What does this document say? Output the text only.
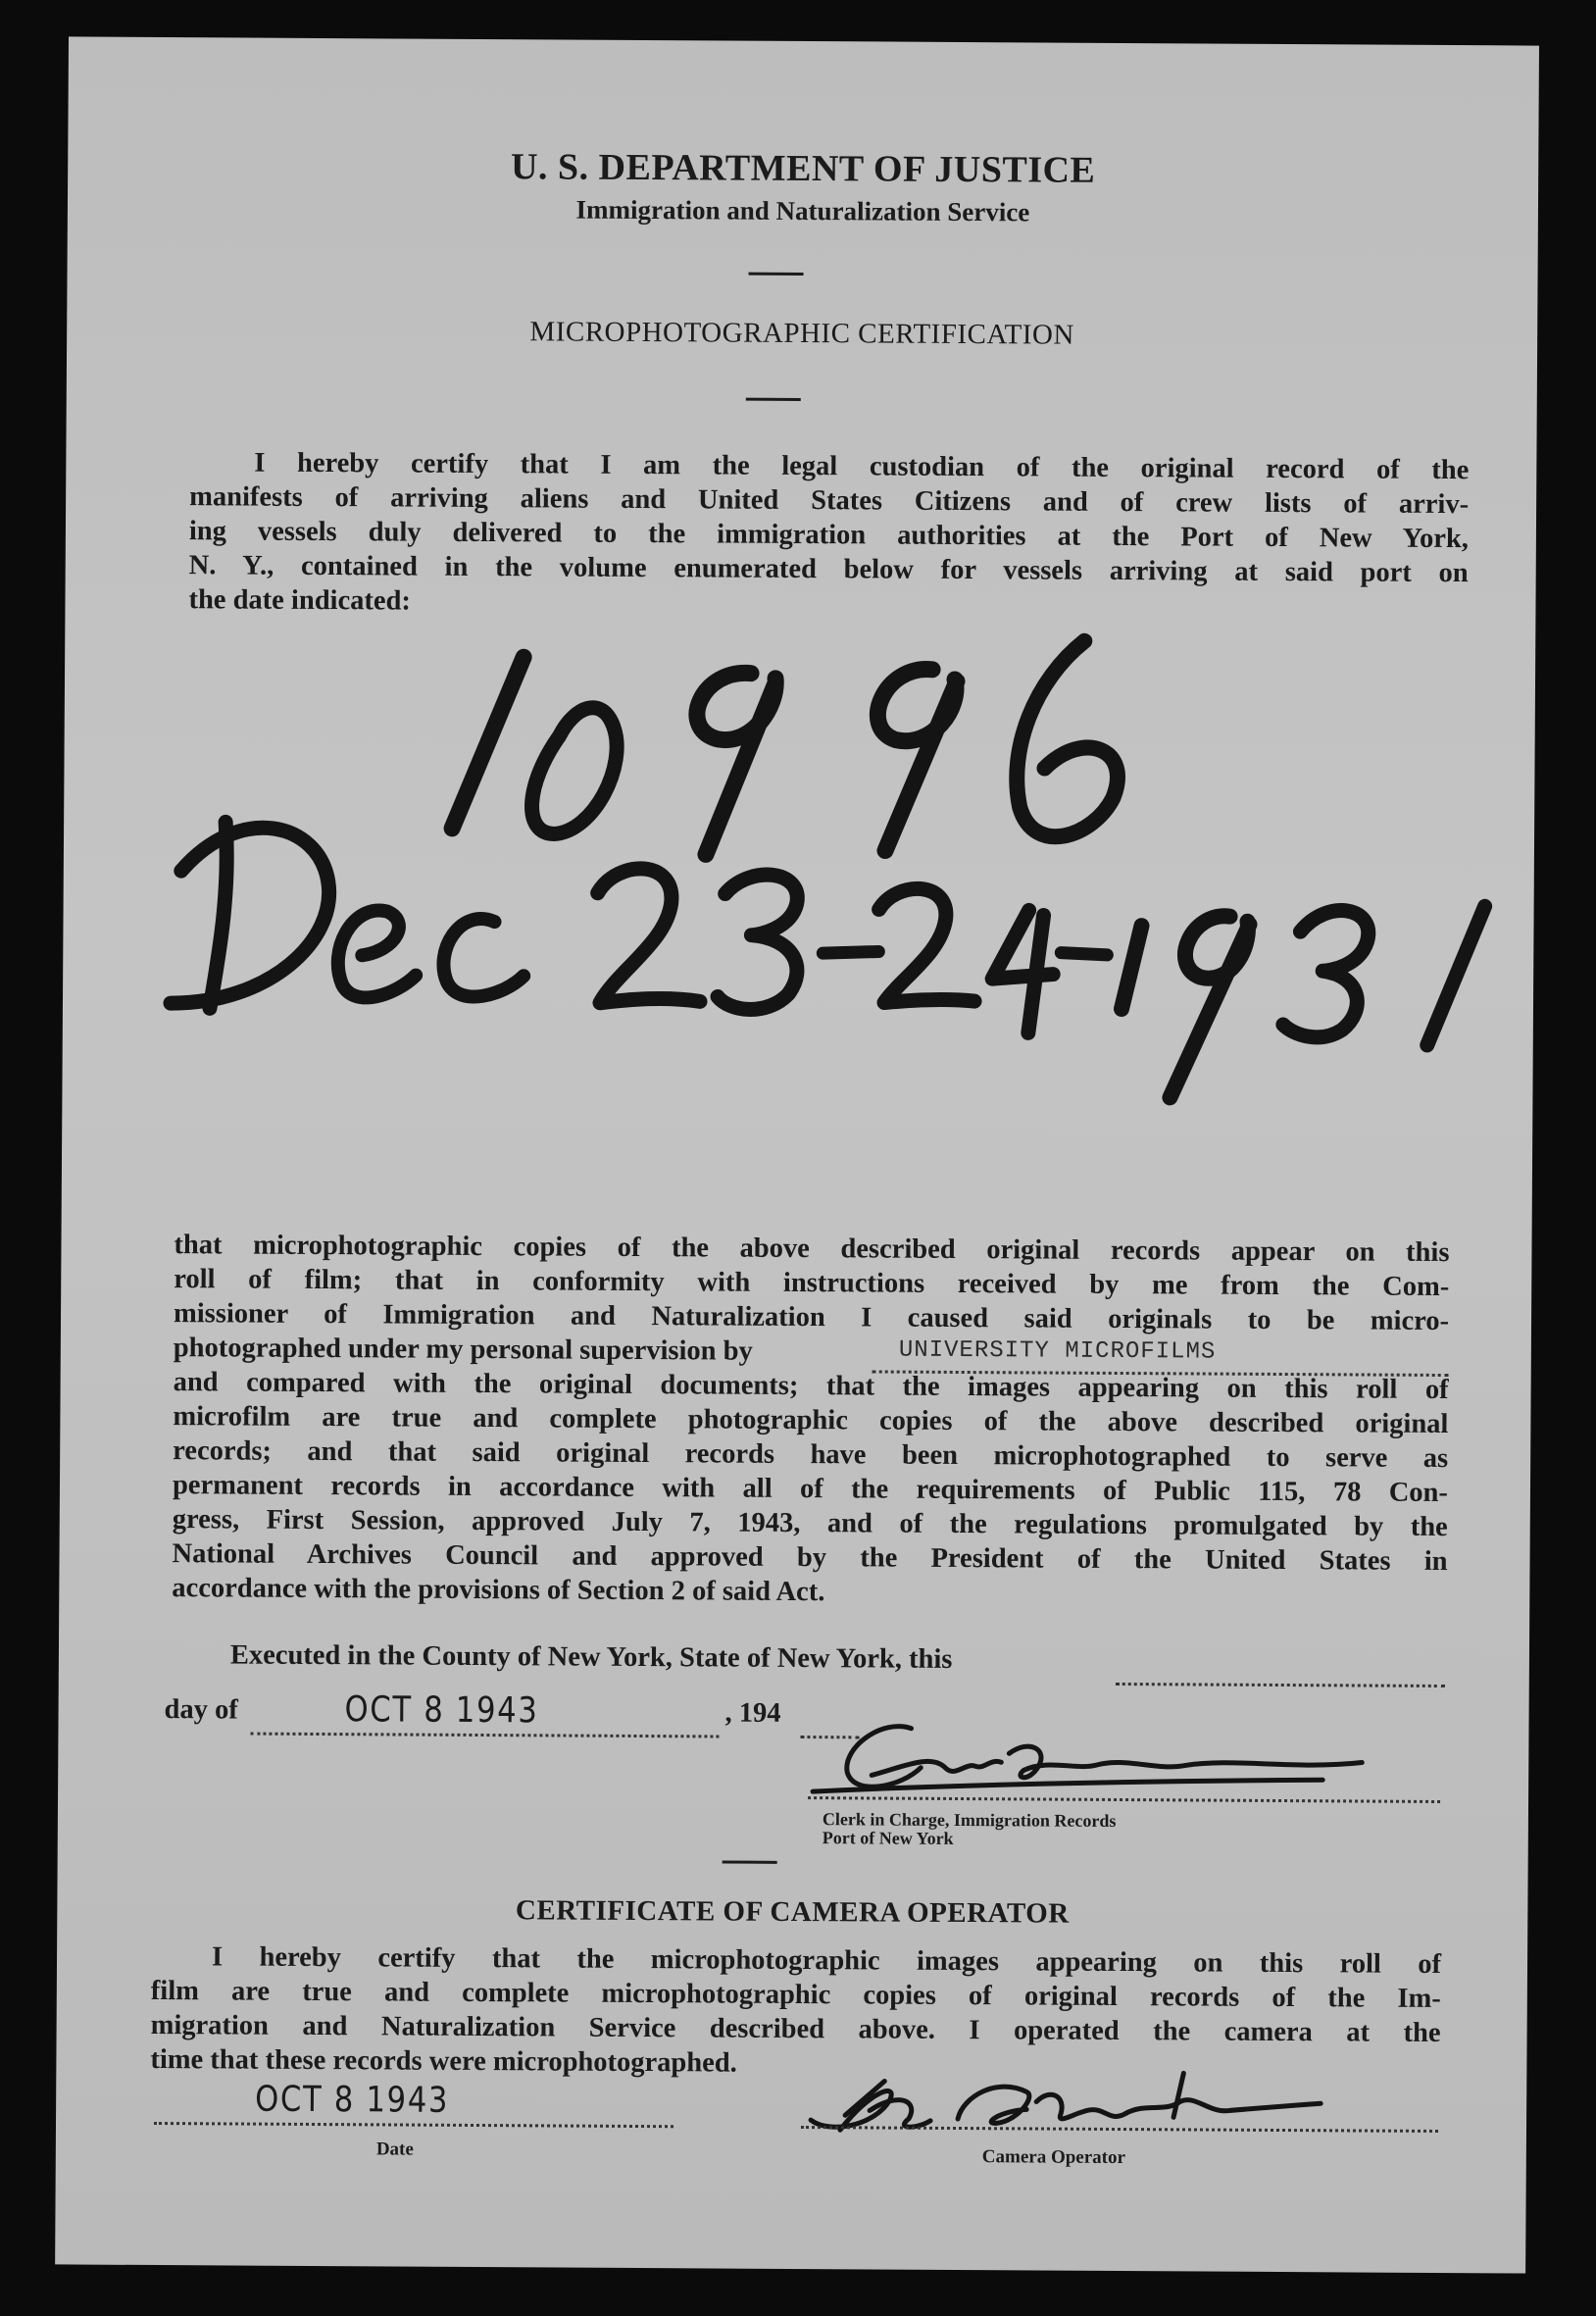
U. S. DEPARTMENT OF JUSTICE
Immigration and Naturalization Service
MICROPHOTOGRAPHIC CERTIFICATION
I hereby certify that I am the legal custodian of the original record of the
manifests of arriving aliens and United States Citizens and of crew lists of arriv-
ing vessels duly delivered to the immigration authorities at the Port of New York,
N. Y., contained in the volume enumerated below for vessels arriving at said port on
the date indicated:
that microphotographic copies of the above described original records appear on this
roll of film; that in conformity with instructions received by me from the Com-
missioner of Immigration and Naturalization I caused said originals to be micro-
photographed under my personal supervision by
and compared with the original documents; that the images appearing on this roll of
microfilm are true and complete photographic copies of the above described original
records; and that said original records have been microphotographed to serve as
permanent records in accordance with all of the requirements of Public 115, 78 Con-
gress, First Session, approved July 7, 1943, and of the regulations promulgated by the
National Archives Council and approved by the President of the United States in
accordance with the provisions of Section 2 of said Act.
UNIVERSITY MICROFILMS
Executed in the County of New York, State of New York, this
day of	OCT 8 1943	, 194
Clerk in Charge, Immigration Records
Port of New York
CERTIFICATE OF CAMERA OPERATOR
I hereby certify that the microphotographic images appearing on this roll of
film are true and complete microphotographic copies of original records of the Im-
migration and Naturalization Service described above. I operated the camera at the
time that these records were microphotographed.
OCT 8 1943
Date	Camera Operator
